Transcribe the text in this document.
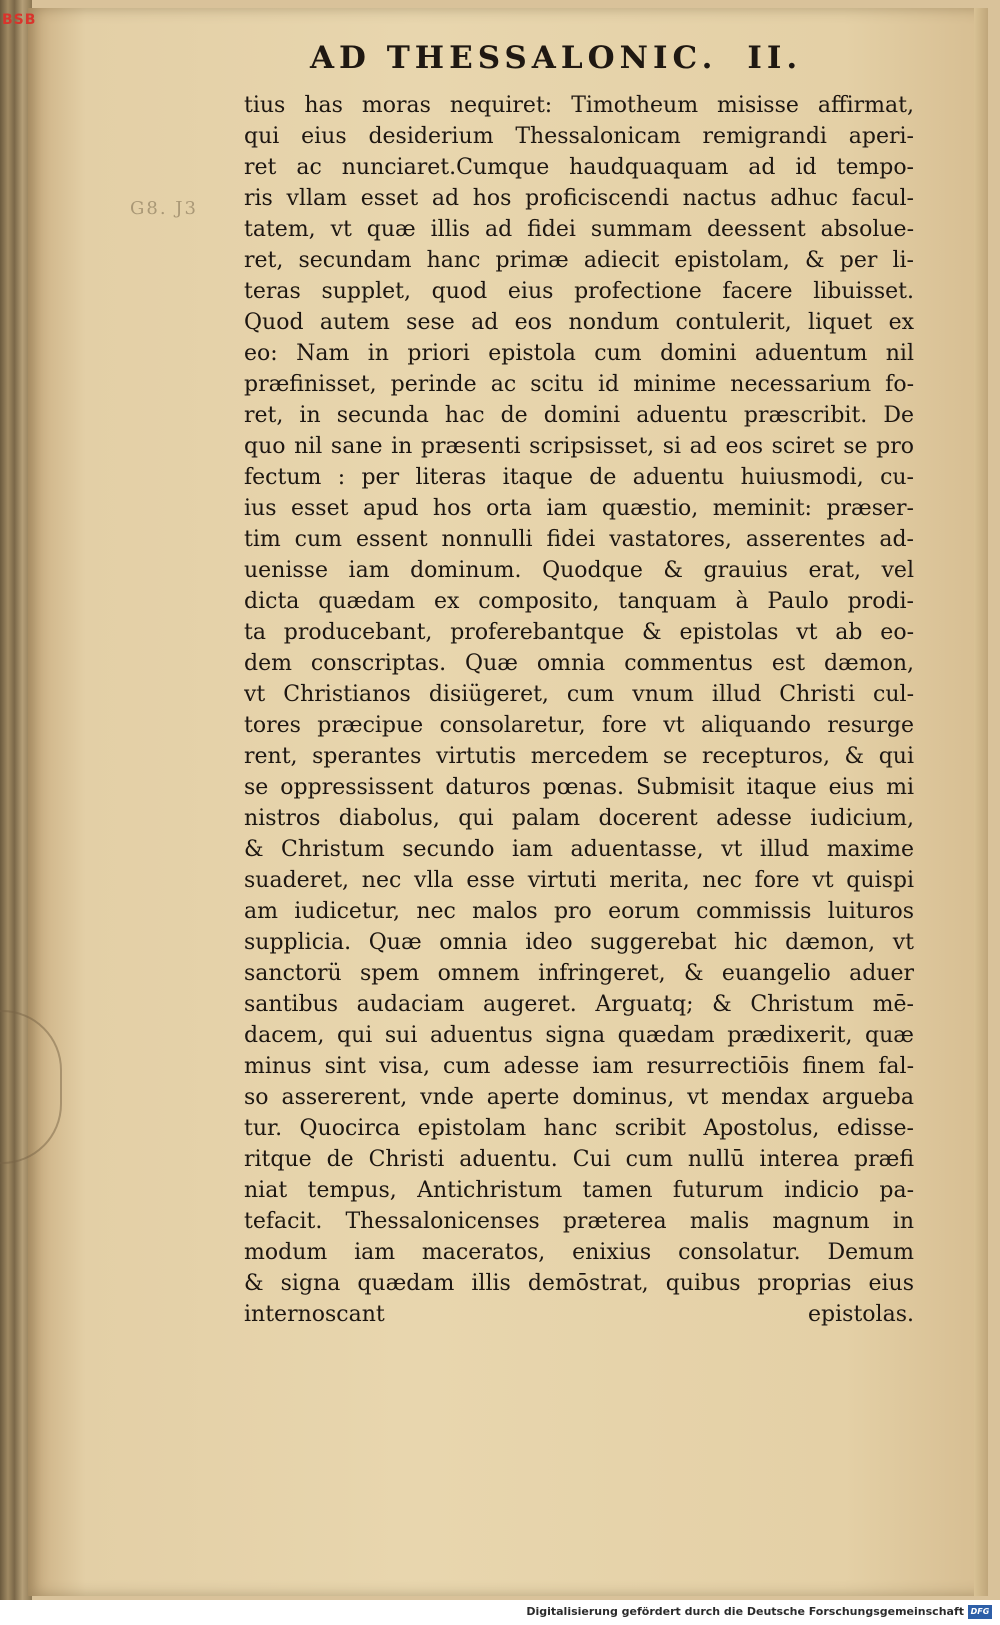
BSB
G8. J3
AD THESSALONIC. II.
tius has moras nequiret: Timotheum misisse affirmat,
qui eius desiderium Thessalonicam remigrandi aperi-
ret ac nunciaret.Cumque haudquaquam ad id tempo-
ris vllam esset ad hos proficiscendi nactus adhuc facul-
tatem, vt quæ illis ad fidei summam deessent absolue-
ret, secundam hanc primæ adiecit epistolam, & per li-
teras supplet, quod eius profectione facere libuisset.
Quod autem sese ad eos nondum contulerit, liquet ex
eo: Nam in priori epistola cum domini aduentum nil
præfinisset, perinde ac scitu id minime necessarium fo-
ret, in secunda hac de domini aduentu præscribit. De
quo nil sane in præsenti scripsisset, si ad eos sciret se pro
fectum : per literas itaque de aduentu huiusmodi, cu-
ius esset apud hos orta iam quæstio, meminit: præser-
tim cum essent nonnulli fidei vastatores, asserentes ad-
uenisse iam dominum. Quodque & grauius erat, vel
dicta quædam ex composito, tanquam à Paulo prodi-
ta producebant, proferebantque & epistolas vt ab eo-
dem conscriptas. Quæ omnia commentus est dæmon,
vt Christianos disiügeret, cum vnum illud Christi cul-
tores præcipue consolaretur, fore vt aliquando resurge
rent, sperantes virtutis mercedem se recepturos, & qui
se oppressissent daturos pœnas. Submisit itaque eius mi
nistros diabolus, qui palam docerent adesse iudicium,
& Christum secundo iam aduentasse, vt illud maxime
suaderet, nec vlla esse virtuti merita, nec fore vt quispi
am iudicetur, nec malos pro eorum commissis luituros
supplicia. Quæ omnia ideo suggerebat hic dæmon, vt
sanctorü spem omnem infringeret, & euangelio aduer
santibus audaciam augeret. Arguatq; & Christum mē-
dacem, qui sui aduentus signa quædam prædixerit, quæ
minus sint visa, cum adesse iam resurrectiōis finem fal-
so assererent, vnde aperte dominus, vt mendax argueba
tur. Quocirca epistolam hanc scribit Apostolus, edisse-
ritque de Christi aduentu. Cui cum nullū interea præfi
niat tempus, Antichristum tamen futurum indicio pa-
tefacit. Thessalonicenses præterea malis magnum in
modum iam maceratos, enixius consolatur. Demum
& signa quædam illis demōstrat, quibus proprias eius
internoscant epistolas.
Digitalisierung gefördert durch die Deutsche Forschungsgemeinschaft DFG
